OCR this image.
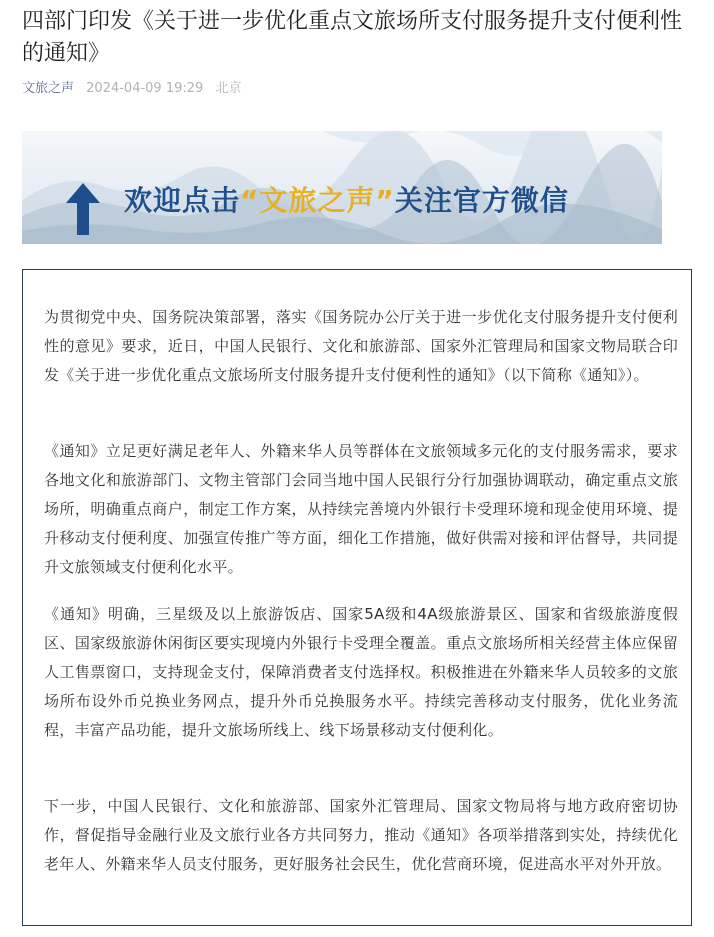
四部门印发《关于进一步优化重点文旅场所支付服务提升支付便利性的通知》
文旅之声 2024-04-09 19:29 北京
欢迎点击“文旅之声”关注官方微信

为贯彻党中央、国务院决策部署，落实《国务院办公厅关于进一步优化支付服务提升支付便利性的意见》要求，近日，中国人民银行、文化和旅游部、国家外汇管理局和国家文物局联合印发《关于进一步优化重点文旅场所支付服务提升支付便利性的通知》（以下简称《通知》）。

《通知》立足更好满足老年人、外籍来华人员等群体在文旅领域多元化的支付服务需求，要求各地文化和旅游部门、文物主管部门会同当地中国人民银行分行加强协调联动，确定重点文旅场所，明确重点商户，制定工作方案，从持续完善境内外银行卡受理环境和现金使用环境、提升移动支付便利度、加强宣传推广等方面，细化工作措施，做好供需对接和评估督导，共同提升文旅领域支付便利化水平。

《通知》明确，三星级及以上旅游饭店、国家5A级和4A级旅游景区、国家和省级旅游度假区、国家级旅游休闲街区要实现境内外银行卡受理全覆盖。重点文旅场所相关经营主体应保留人工售票窗口，支持现金支付，保障消费者支付选择权。积极推进在外籍来华人员较多的文旅场所布设外币兑换业务网点，提升外币兑换服务水平。持续完善移动支付服务，优化业务流程，丰富产品功能，提升文旅场所线上、线下场景移动支付便利化。

下一步，中国人民银行、文化和旅游部、国家外汇管理局、国家文物局将与地方政府密切协作，督促指导金融行业及文旅行业各方共同努力，推动《通知》各项举措落到实处，持续优化老年人、外籍来华人员支付服务，更好服务社会民生，优化营商环境，促进高水平对外开放。
